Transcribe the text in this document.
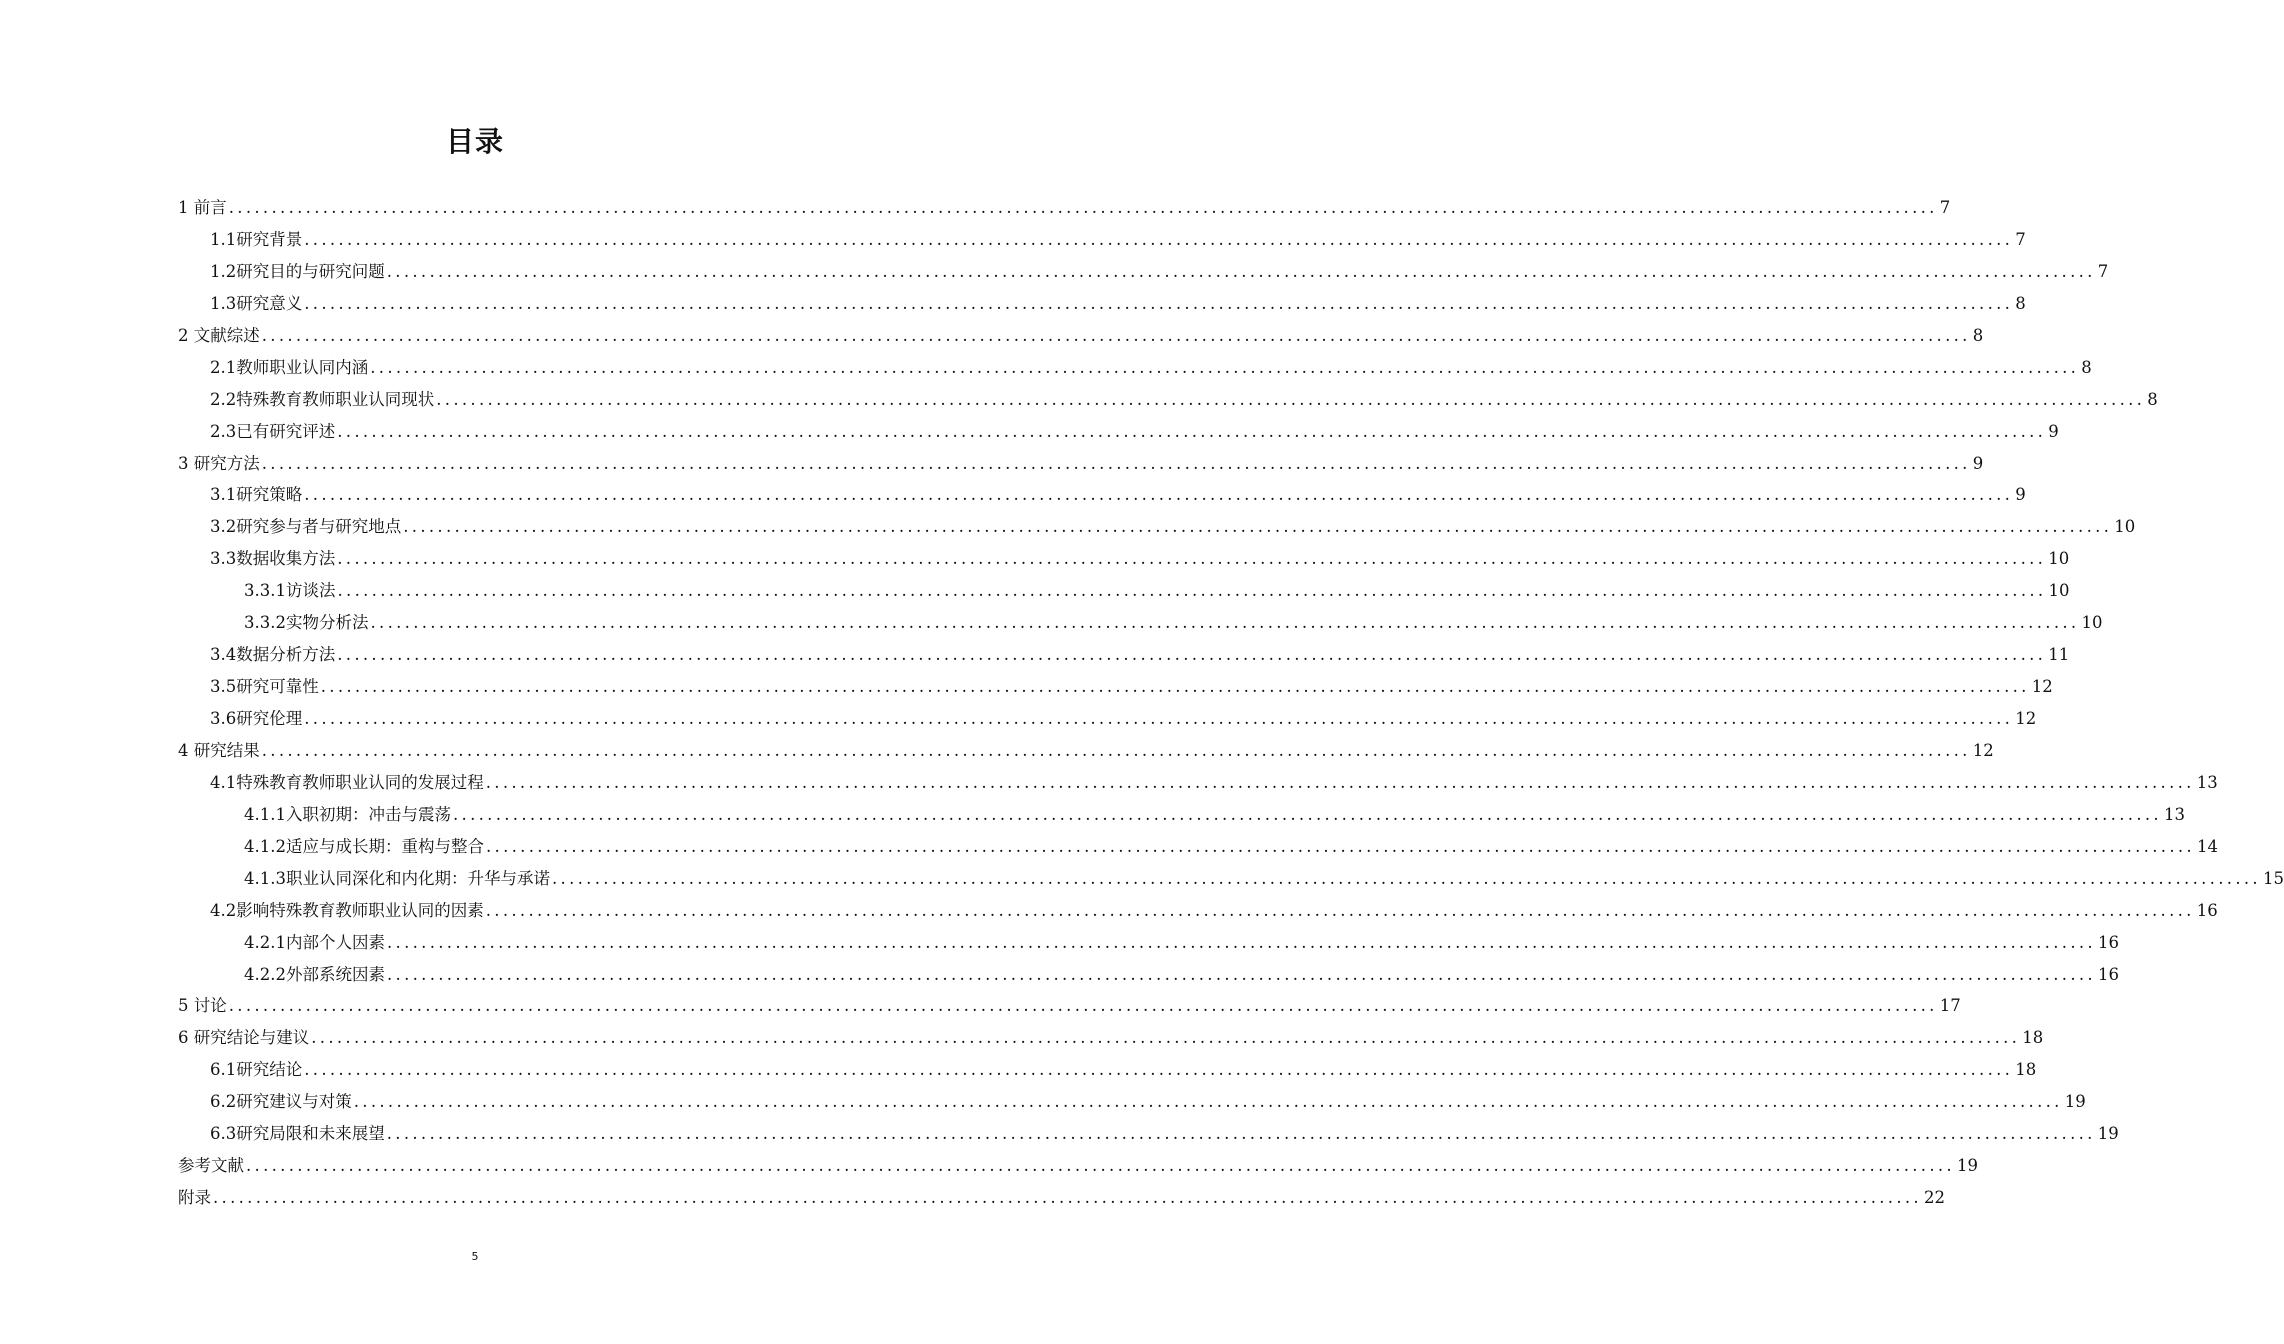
目录
1 前言 ........................................................................................................................................................................................................ 7
1.1研究背景 ........................................................................................................................................................................................................ 7
1.2研究目的与研究问题 ........................................................................................................................................................................................................ 7
1.3研究意义 ........................................................................................................................................................................................................ 8
2 文献综述 ........................................................................................................................................................................................................ 8
2.1教师职业认同内涵 ........................................................................................................................................................................................................ 8
2.2特殊教育教师职业认同现状 ........................................................................................................................................................................................................ 8
2.3已有研究评述 ........................................................................................................................................................................................................ 9
3 研究方法 ........................................................................................................................................................................................................ 9
3.1研究策略 ........................................................................................................................................................................................................ 9
3.2研究参与者与研究地点 ........................................................................................................................................................................................................ 10
3.3数据收集方法 ........................................................................................................................................................................................................ 10
3.3.1访谈法 ........................................................................................................................................................................................................ 10
3.3.2实物分析法 ........................................................................................................................................................................................................ 10
3.4数据分析方法 ........................................................................................................................................................................................................ 11
3.5研究可靠性 ........................................................................................................................................................................................................ 12
3.6研究伦理 ........................................................................................................................................................................................................ 12
4 研究结果 ........................................................................................................................................................................................................ 12
4.1特殊教育教师职业认同的发展过程 ........................................................................................................................................................................................................ 13
4.1.1入职初期：冲击与震荡 ........................................................................................................................................................................................................ 13
4.1.2适应与成长期：重构与整合 ........................................................................................................................................................................................................ 14
4.1.3职业认同深化和内化期：升华与承诺 ........................................................................................................................................................................................................ 15
4.2影响特殊教育教师职业认同的因素 ........................................................................................................................................................................................................ 16
4.2.1内部个人因素 ........................................................................................................................................................................................................ 16
4.2.2外部系统因素 ........................................................................................................................................................................................................ 16
5 讨论 ........................................................................................................................................................................................................ 17
6 研究结论与建议 ........................................................................................................................................................................................................ 18
6.1研究结论 ........................................................................................................................................................................................................ 18
6.2研究建议与对策 ........................................................................................................................................................................................................ 19
6.3研究局限和未来展望 ........................................................................................................................................................................................................ 19
参考文献 ........................................................................................................................................................................................................ 19
附录 ........................................................................................................................................................................................................ 22
5
